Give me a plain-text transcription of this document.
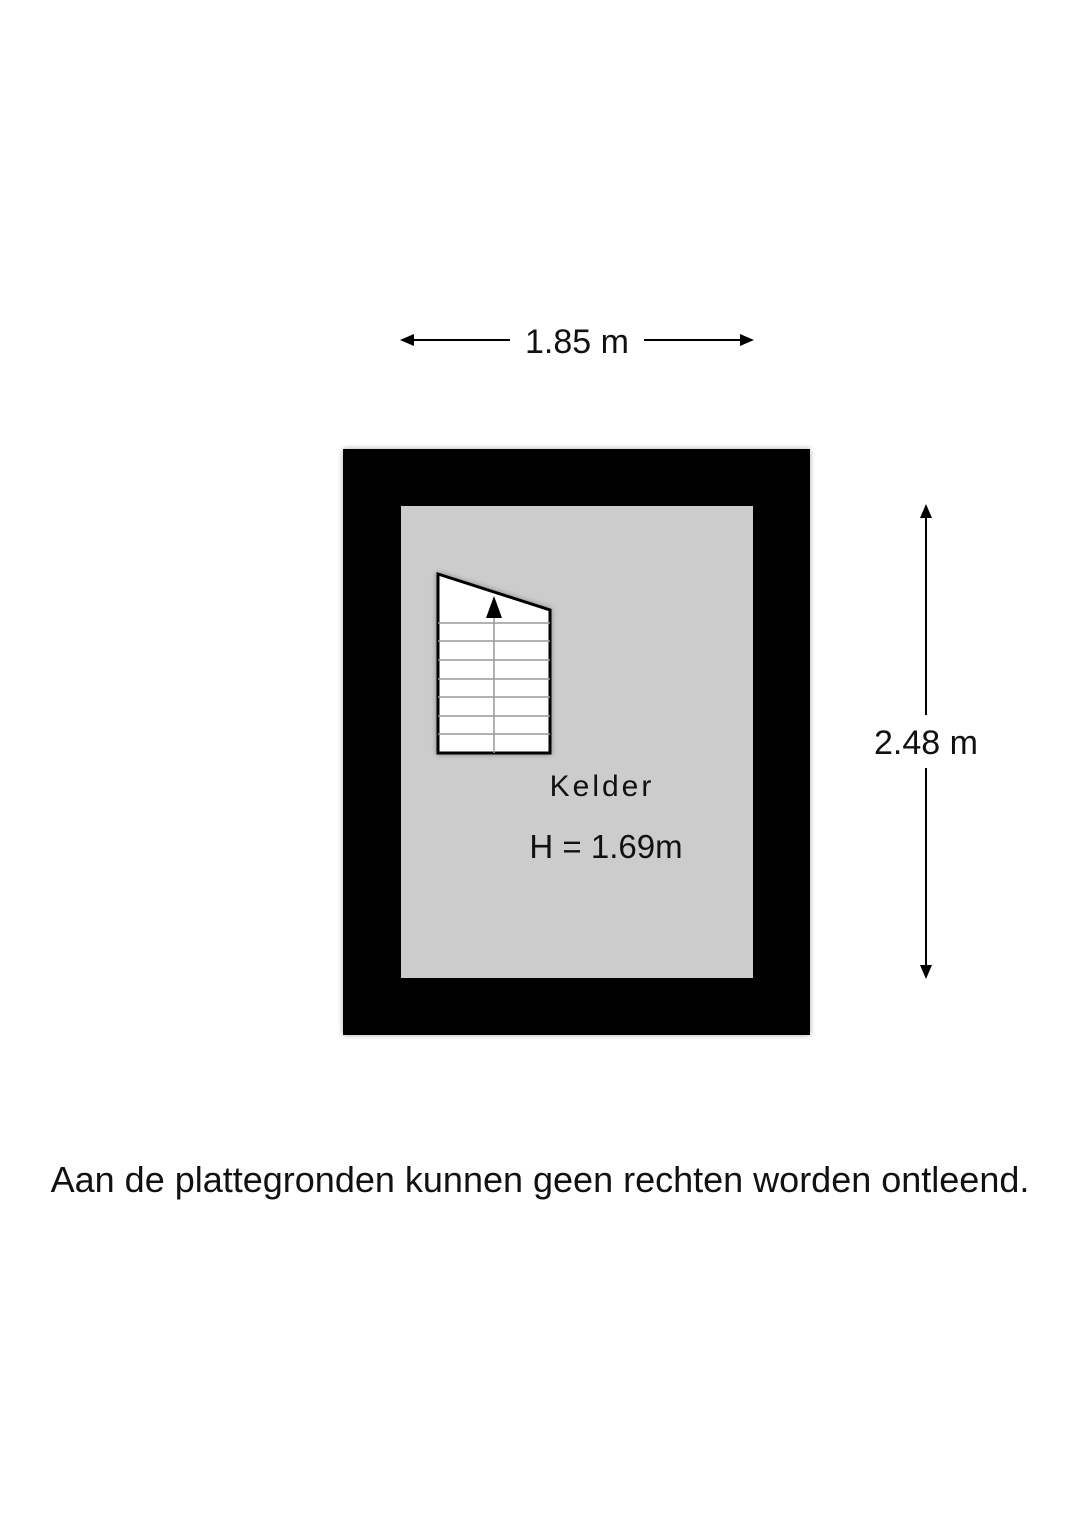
1.85 m
2.48 m
Kelder
H = 1.69m
Aan de plattegronden kunnen geen rechten worden ontleend.
